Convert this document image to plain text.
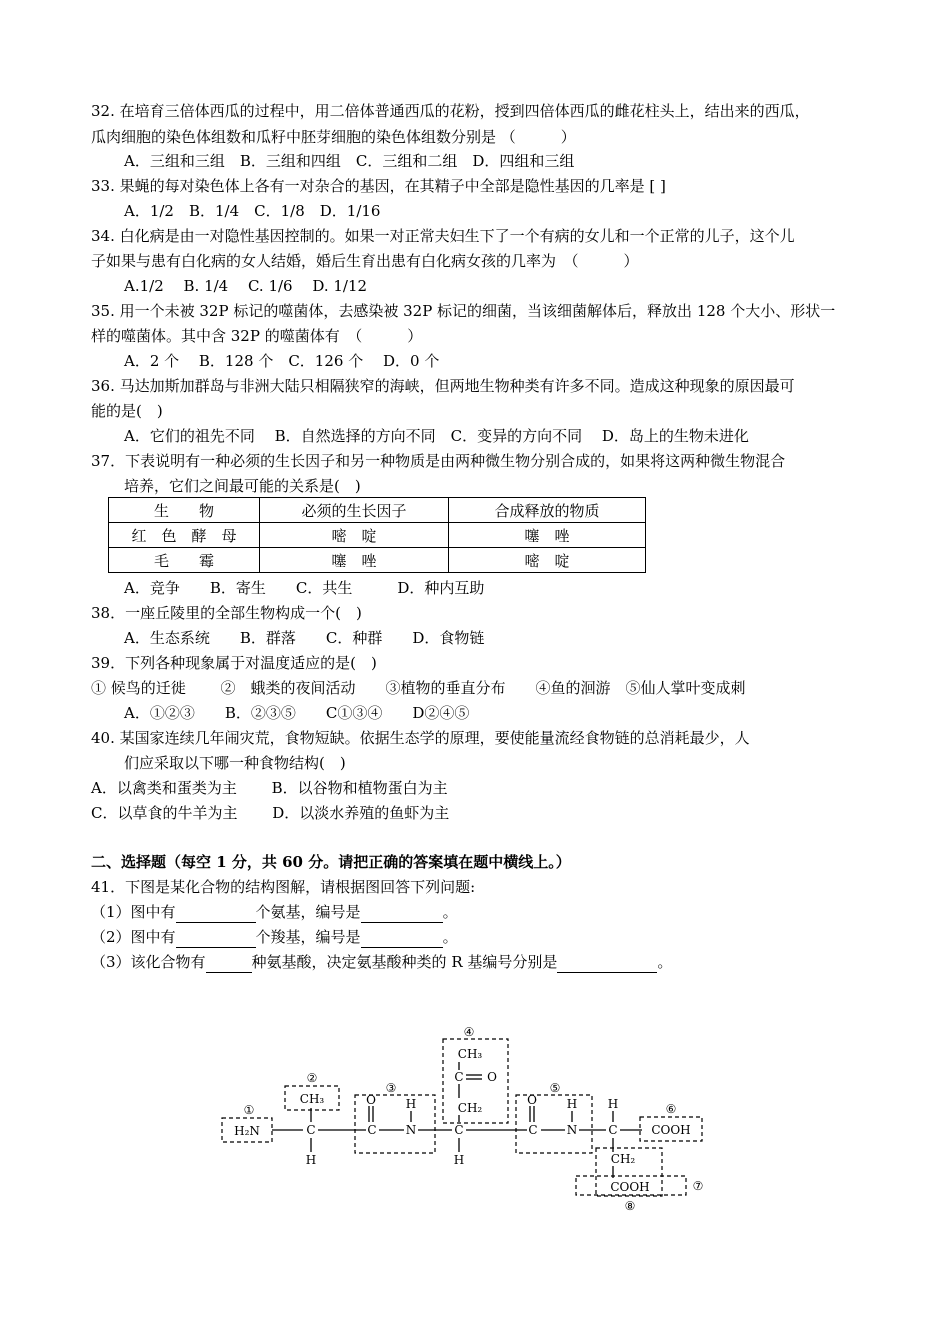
32. 在培育三倍体西瓜的过程中，用二倍体普通西瓜的花粉，授到四倍体西瓜的雌花柱头上，结出来的西瓜，
瓜肉细胞的染色体组数和瓜籽中胚芽细胞的染色体组数分别是 （　　　）
A．三组和三组　B．三组和四组　C．三组和二组　D．四组和三组
33. 果蝇的每对染色体上各有一对杂合的基因，在其精子中全部是隐性基因的几率是 [ ]
A．1/2　B．1/4　C．1/8　D．1/16
34. 白化病是由一对隐性基因控制的。如果一对正常夫妇生下了一个有病的女儿和一个正常的儿子，这个儿
子如果与患有白化病的女人结婚，婚后生育出患有白化病女孩的几率为　（　　　）
A.1/2　 B. 1/4　 C. 1/6　 D. 1/12
35. 用一个未被 32P 标记的噬菌体，去感染被 32P 标记的细菌，当该细菌解体后，释放出 128 个大小、形状一
样的噬菌体。其中含 32P 的噬菌体有　（　　　）
A．2 个　 B．128 个　C．126 个　 D．0 个
36. 马达加斯加群岛与非洲大陆只相隔狭窄的海峡，但两地生物种类有许多不同。造成这种现象的原因最可
能的是(　)
A．它们的祖先不同　 B．自然选择的方向不同　C．变异的方向不同　 D．岛上的生物未进化
37．下表说明有一种必须的生长因子和另一种物质是由两种微生物分别合成的，如果将这两种微生物混合
培养，它们之间最可能的关系是(　)
生　　物	必须的生长因子	合成释放的物质
红　色　酵　母	嘧　啶	噻　唑
毛　　霉	噻　唑	嘧　啶
A．竞争　　B．寄生　　C．共生　　　D．种内互助
38．一座丘陵里的全部生物构成一个(　)
A．生态系统　　B．群落　　C．种群　　D．食物链
39．下列各种现象属于对温度适应的是(　)
① 候鸟的迁徙　　 ②　蛾类的夜间活动　　③植物的垂直分布　　④鱼的洄游　⑤仙人掌叶变成刺
A．①②③　　B．②③⑤　　C①③④　　D②④⑤
40. 某国家连续几年闹灾荒，食物短缺。依据生态学的原理，要使能量流经食物链的总消耗最少，人
们应采取以下哪一种食物结构(　)
A．以禽类和蛋类为主　　 B．以谷物和植物蛋白为主
C．以草食的牛羊为主　　 D．以淡水养殖的鱼虾为主
二、选择题（每空 1 分，共 60 分。请把正确的答案填在题中横线上。）
41．下图是某化合物的结构图解，请根据图回答下列问题:
（1）图中有	个氨基，编号是	。
（2）图中有	个羧基，编号是	。
（3）该化合物有	种氨基酸，决定氨基酸种类的 R 基编号分别是	。
①
②
③
④
⑤
⑥
⑦
⑧
H₂N
CH₃
C
H
O
C
H
N
CH₃
C O
CH₂
C
H
O
C
H
N
H
C	COOH
CH₂
COOH
